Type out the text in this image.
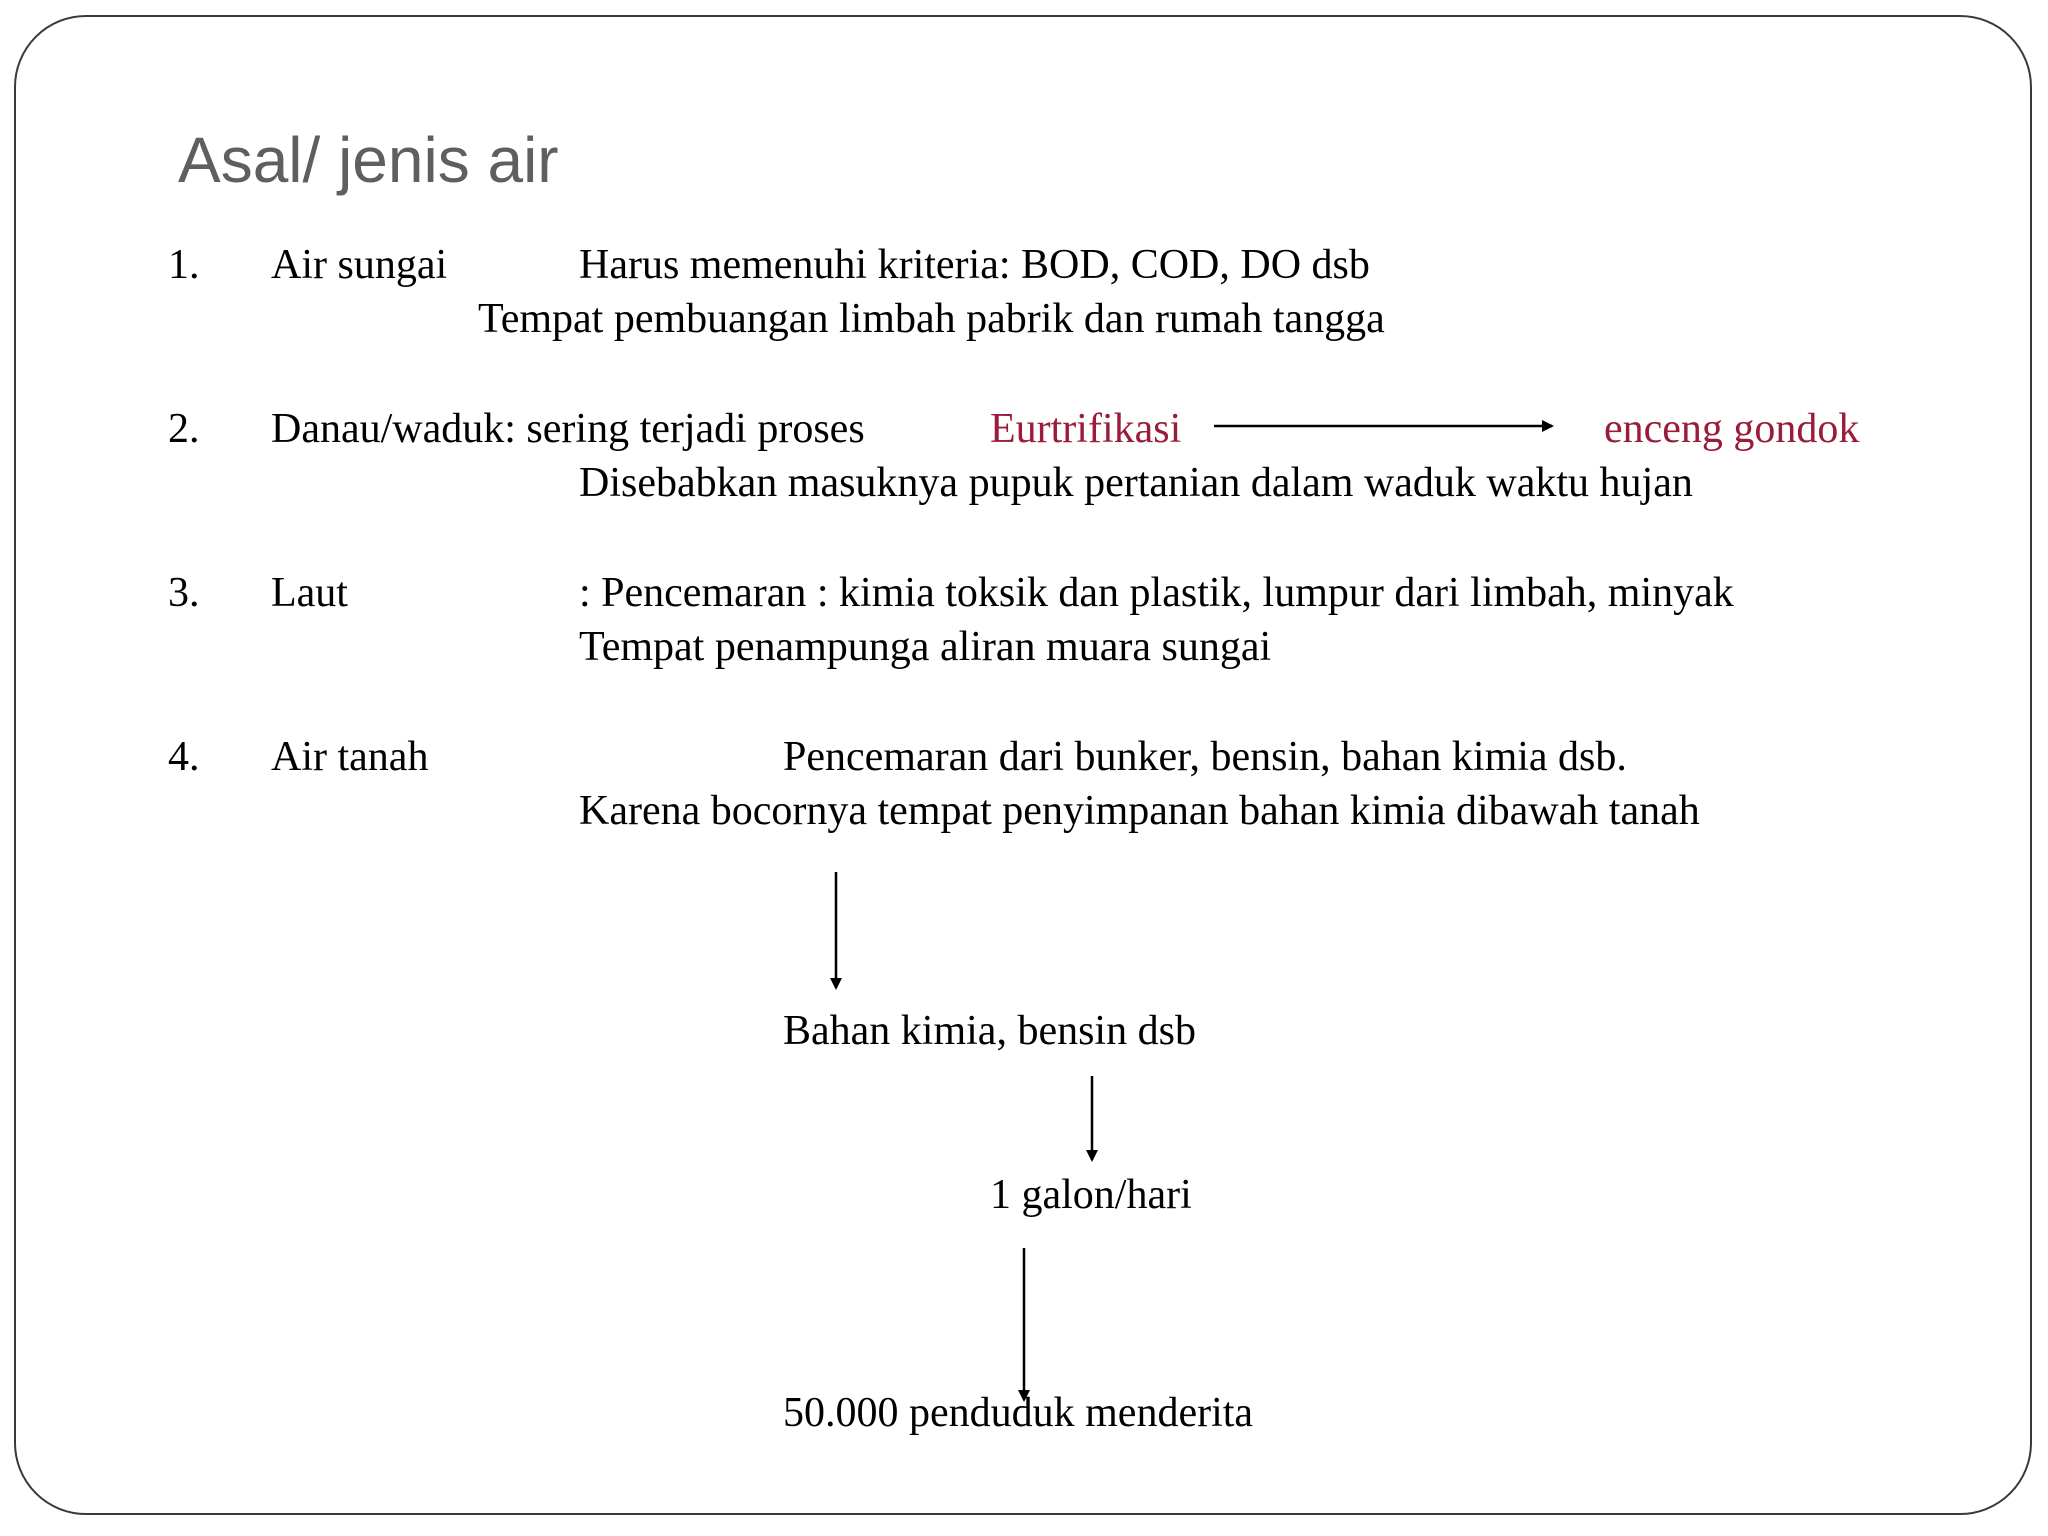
Asal/ jenis air
1. Air sungai	Harus memenuhi kriteria: BOD, COD, DO dsb
Tempat pembuangan limbah pabrik dan rumah tangga
2. Danau/waduk: sering terjadi proses	Eurtrifikasi	enceng gondok
Disebabkan masuknya pupuk pertanian dalam waduk waktu hujan
3. Laut	: Pencemaran : kimia toksik dan plastik, lumpur dari limbah, minyak
Tempat penampunga aliran muara sungai
4. Air tanah	Pencemaran dari bunker, bensin, bahan kimia dsb.
Karena bocornya tempat penyimpanan bahan kimia dibawah tanah
Bahan kimia, bensin dsb
1 galon/hari
50.000 penduduk menderita
